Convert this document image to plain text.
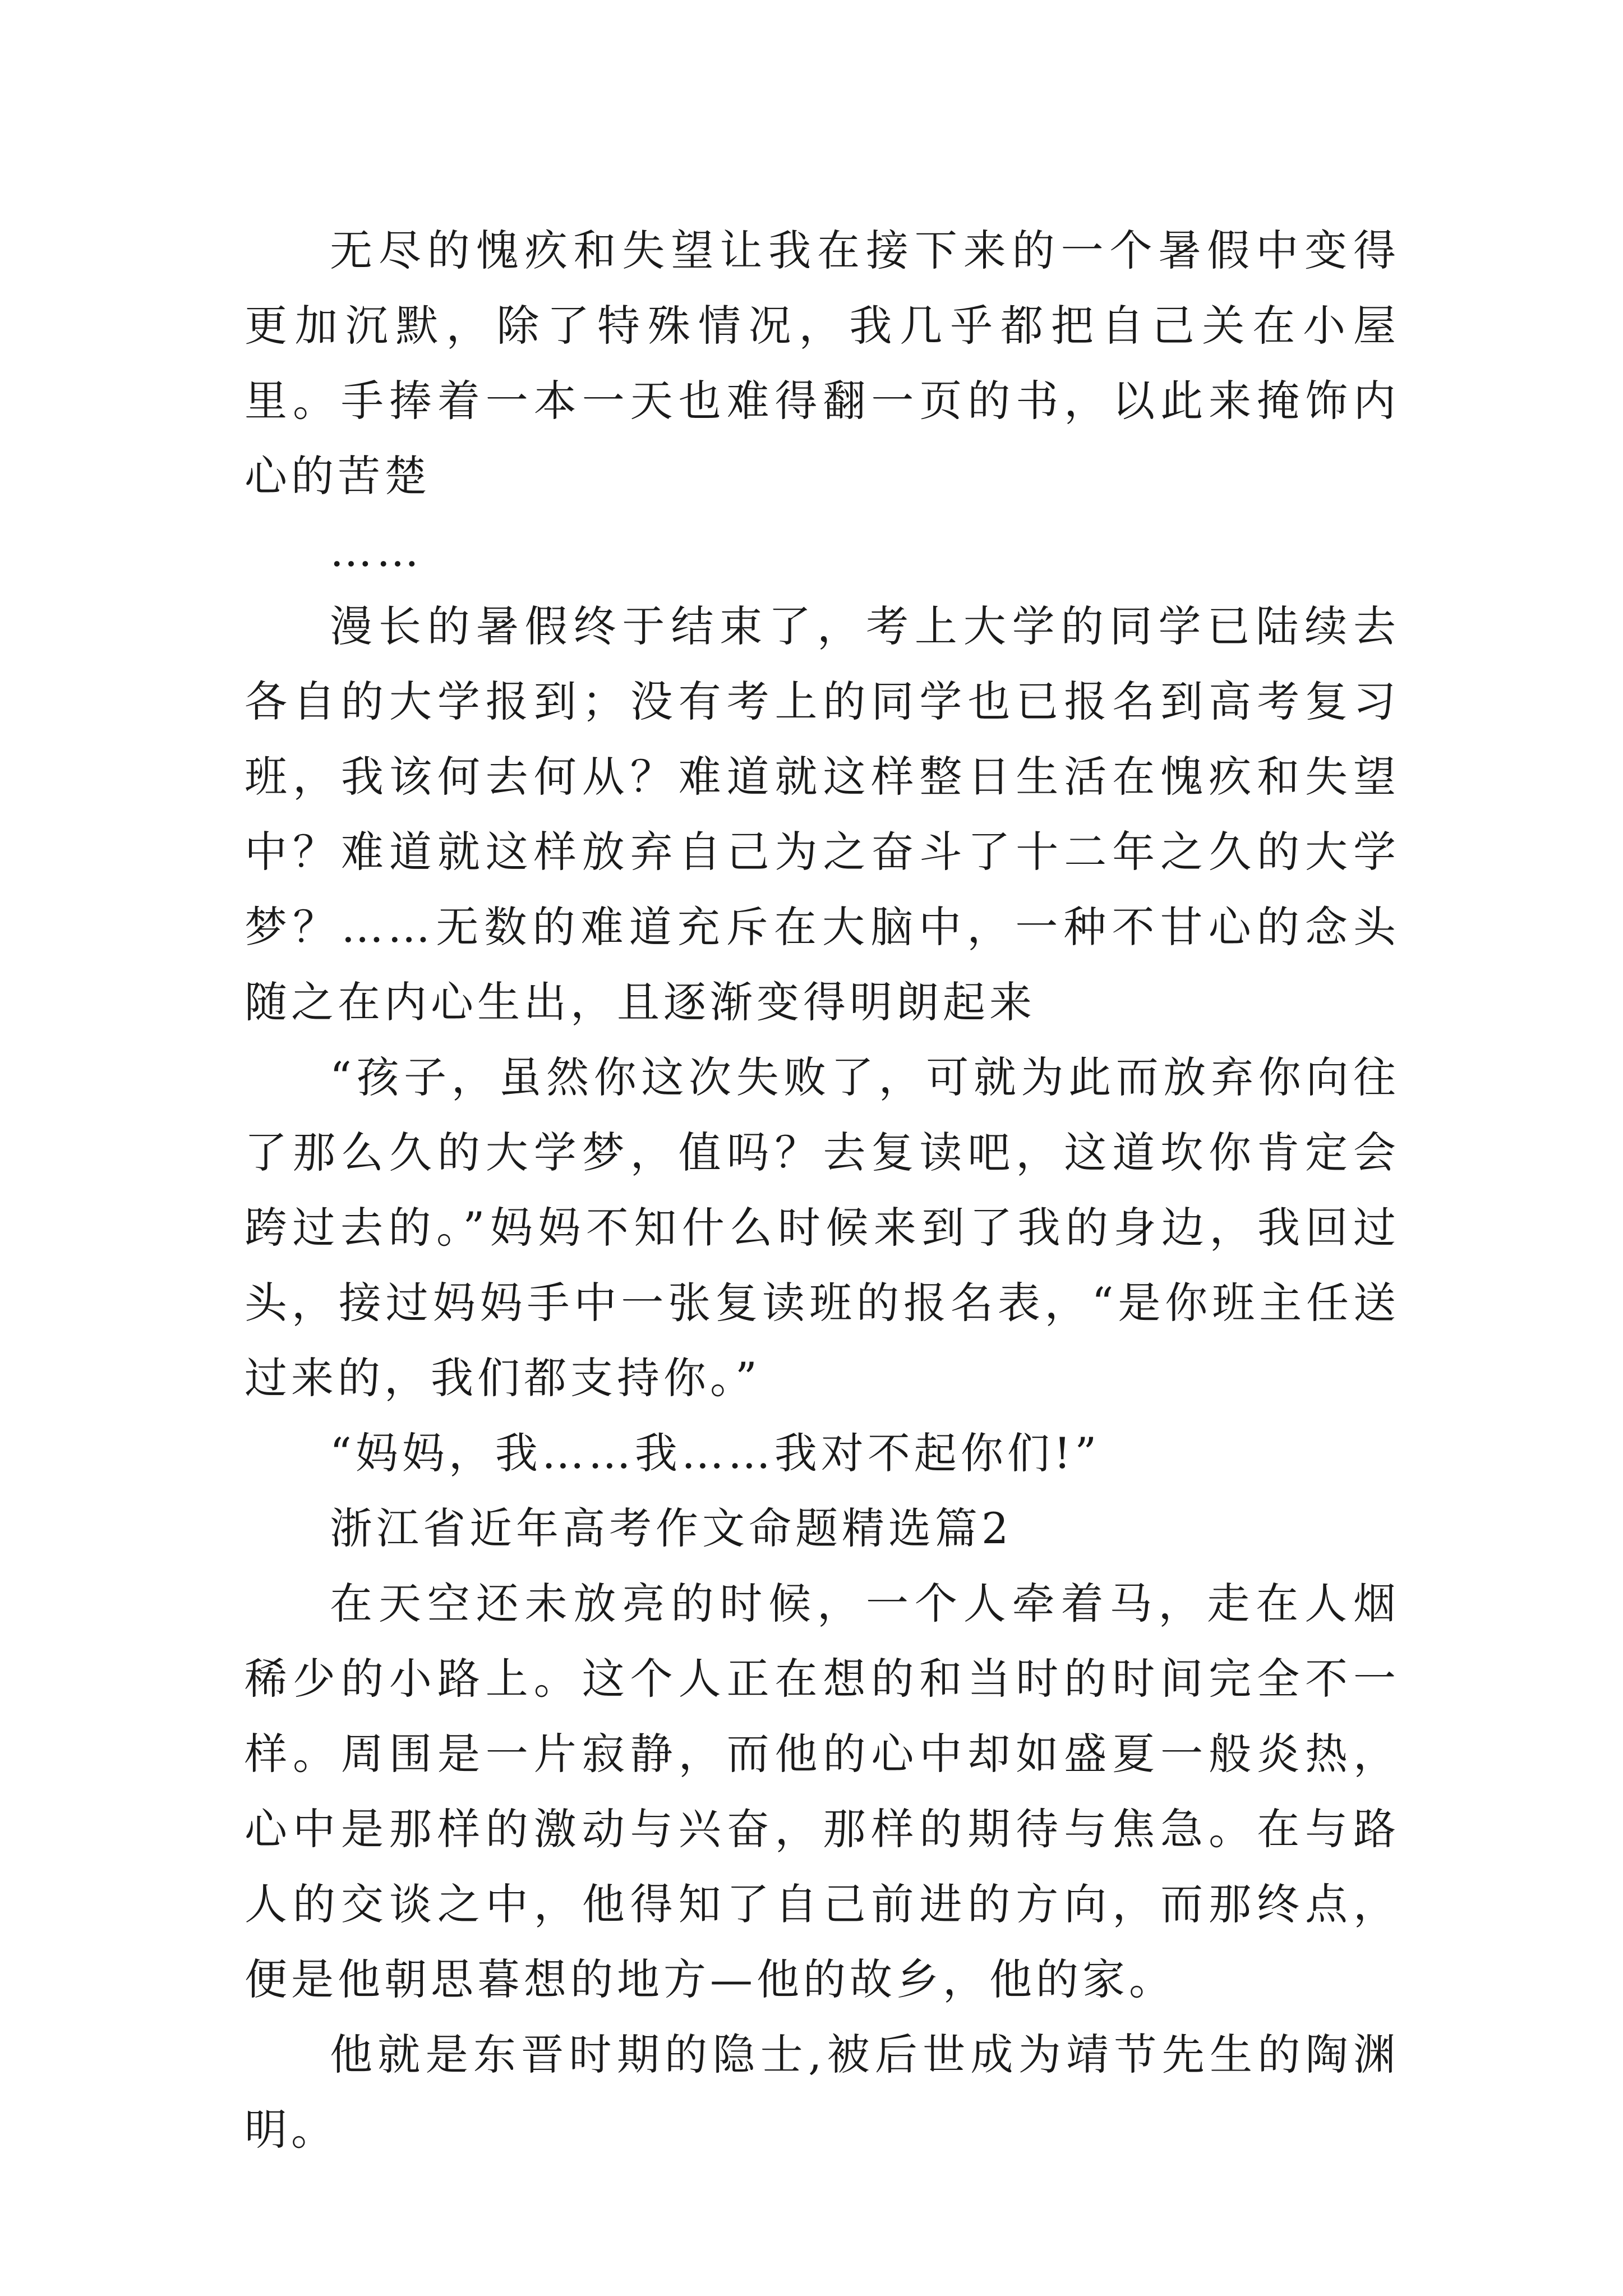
无尽的愧疚和失望让我在接下来的一个暑假中变得更加沉默，除了特殊情况，我几乎都把自己关在小屋里。手捧着一本一天也难得翻一页的书，以此来掩饰内心的苦楚

……

漫长的暑假终于结束了，考上大学的同学已陆续去各自的大学报到；没有考上的同学也已报名到高考复习班，我该何去何从？难道就这样整日生活在愧疚和失望中？难道就这样放弃自己为之奋斗了十二年之久的大学梦？……无数的难道充斥在大脑中，一种不甘心的念头随之在内心生出，且逐渐变得明朗起来

“孩子，虽然你这次失败了，可就为此而放弃你向往了那么久的大学梦，值吗？去复读吧，这道坎你肯定会跨过去的。”妈妈不知什么时候来到了我的身边，我回过头，接过妈妈手中一张复读班的报名表，“是你班主任送过来的，我们都支持你。”

“妈妈，我……我……我对不起你们!”

浙江省近年高考作文命题精选篇2

在天空还未放亮的时候，一个人牵着马，走在人烟稀少的小路上。这个人正在想的和当时的时间完全不一样。周围是一片寂静，而他的心中却如盛夏一般炎热，心中是那样的激动与兴奋，那样的期待与焦急。在与路人的交谈之中，他得知了自己前进的方向，而那终点，便是他朝思暮想的地方—他的故乡，他的家。

他就是东晋时期的隐士,被后世成为靖节先生的陶渊明。
